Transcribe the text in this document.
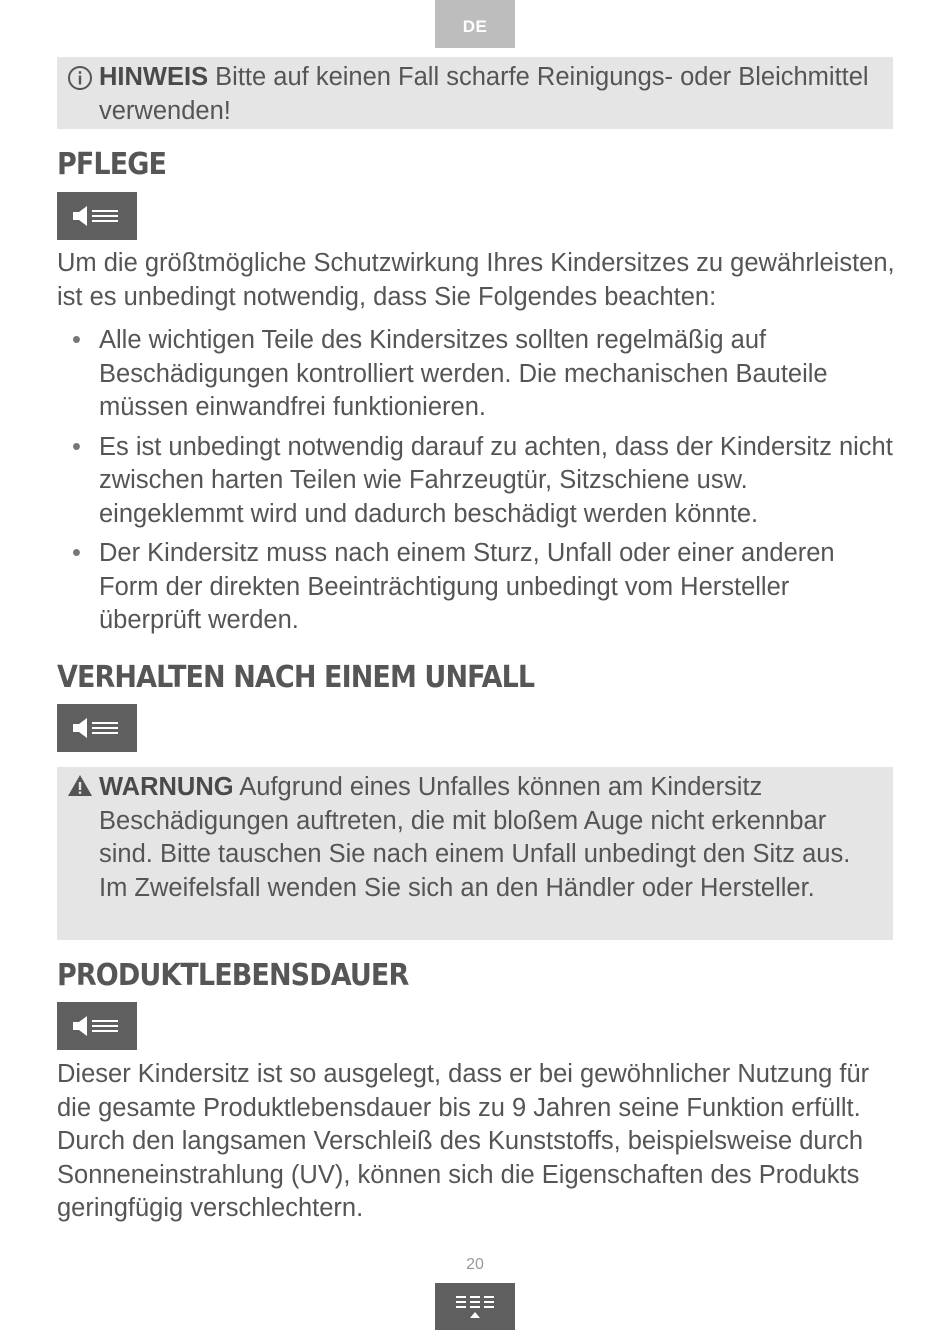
DE
HINWEIS Bitte auf keinen Fall scharfe Reinigungs- oder Bleichmittel verwenden!
PFLEGE

Um die größtmögliche Schutzwirkung Ihres Kindersitzes zu gewährleisten, ist es unbedingt notwendig, dass Sie Folgendes beachten:

• Alle wichtigen Teile des Kindersitzes sollten regelmäßig auf Beschädigungen kontrolliert werden. Die mechanischen Bauteile müssen einwandfrei funktionieren.
• Es ist unbedingt notwendig darauf zu achten, dass der Kindersitz nicht zwischen harten Teilen wie Fahrzeugtür, Sitzschiene usw. eingeklemmt wird und dadurch beschädigt werden könnte.
• Der Kindersitz muss nach einem Sturz, Unfall oder einer anderen Form der direkten Beeinträchtigung unbedingt vom Hersteller überprüft werden.
VERHALTEN NACH EINEM UNFALL
WARNUNG Aufgrund eines Unfalles können am Kindersitz Beschädigungen auftreten, die mit bloßem Auge nicht erkennbar sind. Bitte tauschen Sie nach einem Unfall unbedingt den Sitz aus. Im Zweifelsfall wenden Sie sich an den Händler oder Hersteller.
PRODUKTLEBENSDAUER

Dieser Kindersitz ist so ausgelegt, dass er bei gewöhnlicher Nutzung für die gesamte Produktlebensdauer bis zu 9 Jahren seine Funktion erfüllt. Durch den langsamen Verschleiß des Kunststoffs, beispielsweise durch Sonneneinstrahlung (UV), können sich die Eigenschaften des Produkts geringfügig verschlechtern.

20
